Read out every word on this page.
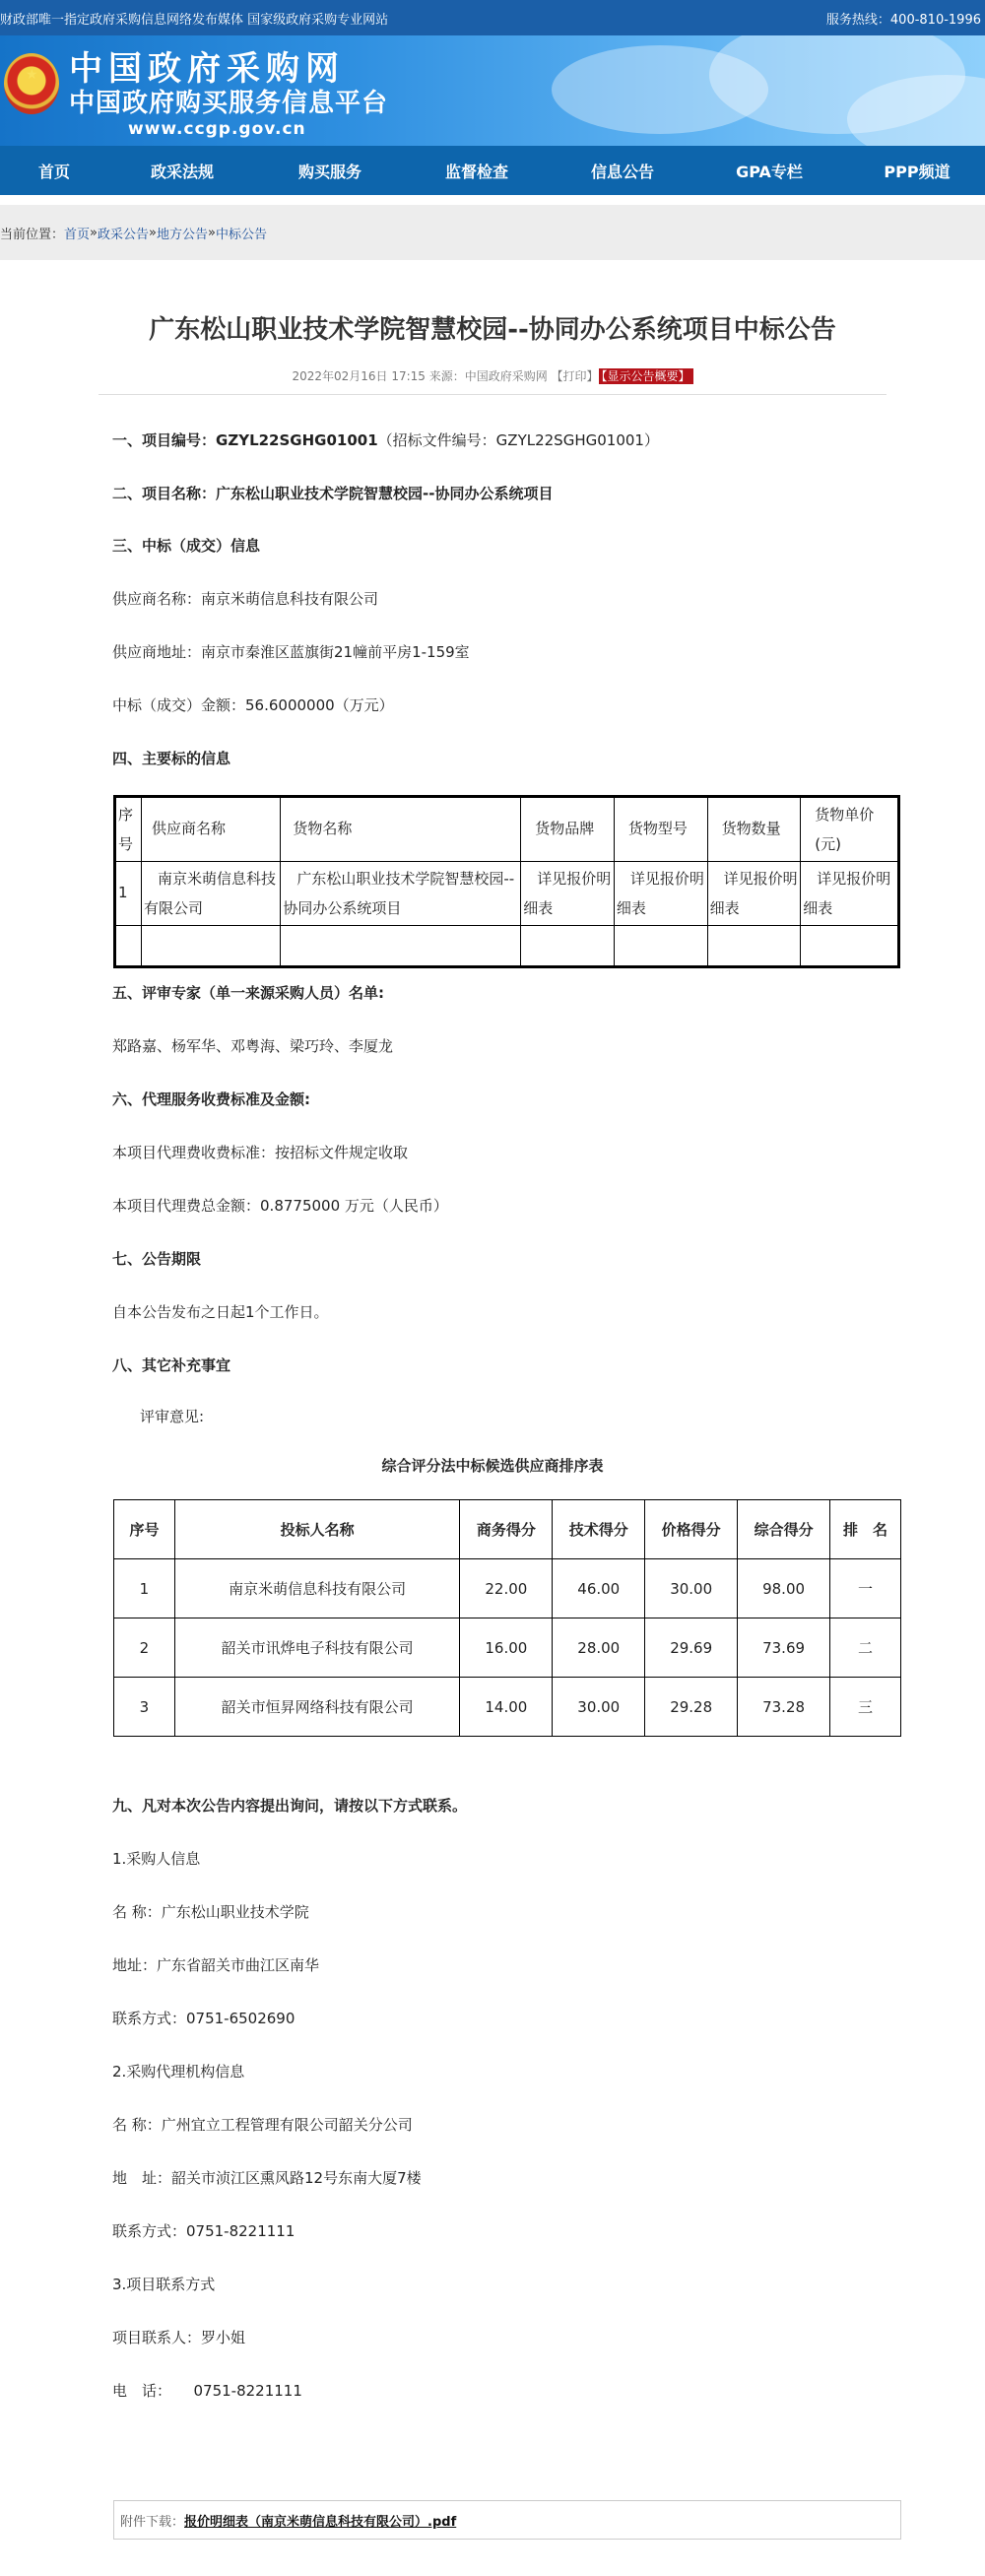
财政部唯一指定政府采购信息网络发布媒体 国家级政府采购专业网站	服务热线：400-810-1996
★ 中国政府采购网
中国政府购买服务信息平台
www.ccgp.gov.cn
首页	政采法规	购买服务	监督检查	信息公告	GPA专栏	PPP频道
当前位置： 首页 » 政采公告 » 地方公告 » 中标公告
广东松山职业技术学院智慧校园--协同办公系统项目中标公告
2022年02月16日 17:15 来源：中国政府采购网 【打印】 【显示公告概要】
一、项目编号：GZYL22SGHG01001（招标文件编号：GZYL22SGHG01001）
二、项目名称：广东松山职业技术学院智慧校园--协同办公系统项目
三、中标（成交）信息
供应商名称：南京米萌信息科技有限公司
供应商地址：南京市秦淮区蓝旗街21幢前平房1-159室
中标（成交）金额：56.6000000（万元）
四、主要标的信息
序号	供应商名称	货物名称	货物品牌	货物型号	货物数量	货物单价(元)
1	南京米萌信息科技有限公司	广东松山职业技术学院智慧校园--协同办公系统项目	详见报价明细表	详见报价明细表	详见报价明细表	详见报价明细表

五、评审专家（单一来源采购人员）名单:
郑路嘉、杨军华、邓粤海、梁巧玲、李厦龙
六、代理服务收费标准及金额:
本项目代理费收费标准：按招标文件规定收取
本项目代理费总金额：0.8775000 万元（人民币）
七、公告期限
自本公告发布之日起1个工作日。
八、其它补充事宜
评审意见:
综合评分法中标候选供应商排序表
序号	投标人名称	商务得分	技术得分	价格得分	综合得分	排　名
1	南京米萌信息科技有限公司	22.00	46.00	30.00	98.00	一
2	韶关市讯烨电子科技有限公司	16.00	28.00	29.69	73.69	二
3	韶关市恒昇网络科技有限公司	14.00	30.00	29.28	73.28	三
九、凡对本次公告内容提出询问，请按以下方式联系。
1.采购人信息
名 称：广东松山职业技术学院
地址：广东省韶关市曲江区南华
联系方式：0751-6502690
2.采购代理机构信息
名 称：广州宜立工程管理有限公司韶关分公司
地　址：韶关市浈江区熏风路12号东南大厦7楼
联系方式：0751-8221111
3.项目联系方式
项目联系人：罗小姐
电　话：　　0751-8221111
附件下载： 报价明细表（南京米萌信息科技有限公司）.pdf
